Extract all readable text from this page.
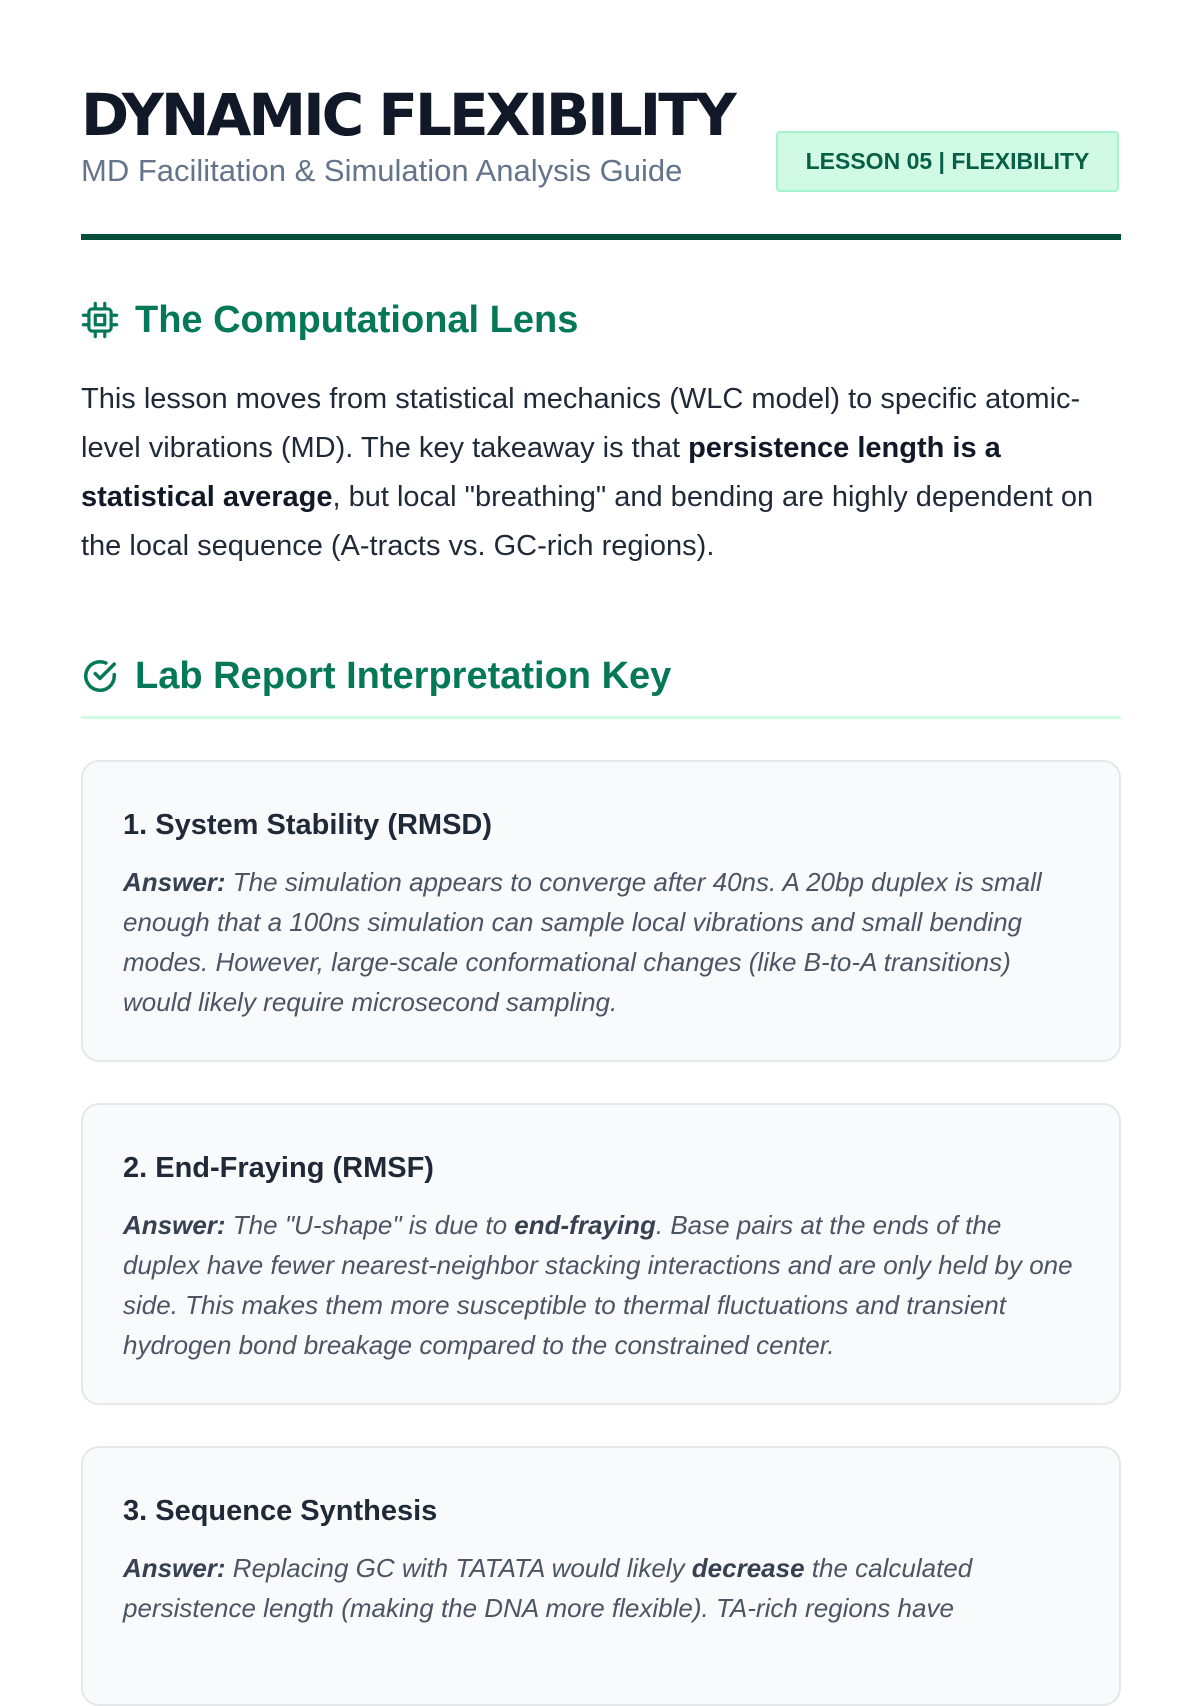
DYNAMIC FLEXIBILITY

MD Facilitation & Simulation Analysis Guide	LESSON 05 | FLEXIBILITY
The Computational Lens

This lesson moves from statistical mechanics (WLC model) to specific atomic-level vibrations (MD). The key takeaway is that persistence length is a statistical average, but local "breathing" and bending are highly dependent on the local sequence (A-tracts vs. GC-rich regions).

Lab Report Interpretation Key
1. System Stability (RMSD)

Answer: The simulation appears to converge after 40ns. A 20bp duplex is small enough that a 100ns simulation can sample local vibrations and small bending modes. However, large-scale conformational changes (like B-to-A transitions) would likely require microsecond sampling.

2. End-Fraying (RMSF)

Answer: The "U-shape" is due to end-fraying. Base pairs at the ends of the duplex have fewer nearest-neighbor stacking interactions and are only held by one side. This makes them more susceptible to thermal fluctuations and transient hydrogen bond breakage compared to the constrained center.

3. Sequence Synthesis

Answer: Replacing GC with TATATA would likely decrease the calculated persistence length (making the DNA more flexible). TA-rich regions have
